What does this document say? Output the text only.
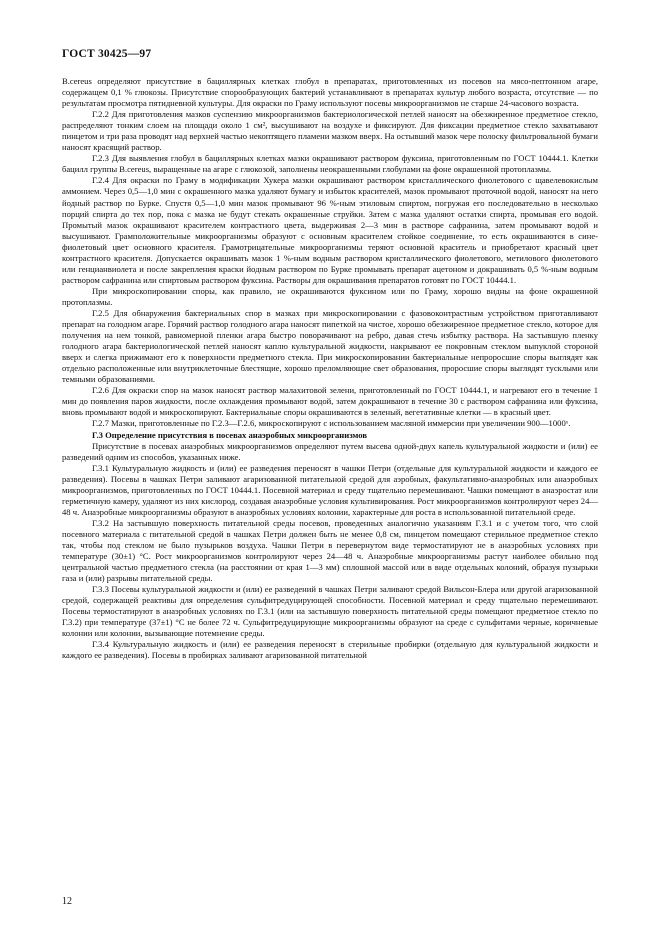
ГОСТ 30425—97

B.cereus определяют присутствие в бациллярных клетках глобул в препаратах, приготовленных из посевов на мясо-пептонном агаре, содержащем 0,1 % глюкозы. Присутствие спорообразующих бактерий устанавливают в препаратах культур любого возраста, отсутствие — по результатам просмотра пятидневной культуры. Для окраски по Граму используют посевы микроорганизмов не старше 24-часового возраста.

Г.2.2 Для приготовления мазков суспензию микроорганизмов бактериологической петлей наносят на обезжиренное предметное стекло, распределяют тонким слоем на площади около 1 см², высушивают на воздухе и фиксируют. Для фиксации предметное стекло захватывают пинцетом и три раза проводят над верхней частью некоптящего пламени мазком вверх. На остывший мазок чере полоску фильтровальной бумаги наносят красящий раствор.

Г.2.3 Для выявления глобул в бациллярных клетках мазки окрашивают раствором фуксина, приготовленным по ГОСТ 10444.1. Клетки бацилл группы B.cereus, выращенные на агаре с глюкозой, заполнены неокрашенными глобулами на фоне окрашенной протоплазмы.

Г.2.4 Для окраски по Граму в модификации Хукера мазки окрашивают раствором кристаллического фиолетового с щавелевокислым аммонием. Через 0,5—1,0 мин с окрашенного мазка удаляют бумагу и избыток красителей, мазок промывают проточной водой, наносят на него йодный раствор по Бурке. Спустя 0,5—1,0 мин мазок промывают 96 %-ным этиловым спиртом, погружая его последовательно в несколько порций спирта до тех пор, пока с мазка не будут стекать окрашенные струйки. Затем с мазка удаляют остатки спирта, промывая его водой. Промытый мазок окрашивают красителем контрастного цвета, выдерживая 2—3 мин в растворе сафранина, затем промывают водой и высушивают. Грамположительные микроорганизмы образуют с основным красителем стойкое соединение, то есть окрашиваются в сине-фиолетовый цвет основного красителя. Грамотрицательные микроорганизмы теряют основной краситель и приобретают красный цвет контрастного красителя. Допускается окрашивать мазок 1 %-ным водным раствором кристаллического фиолетового, метилового фиолетового или генцианвиолета и после закрепления краски йодным раствором по Бурке промывать препарат ацетоном и докрашивать 0,5 %-ным водным раствором сафранина или спиртовым раствором фуксина. Растворы для окрашивания препаратов готовят по ГОСТ 10444.1.

При микроскопировании споры, как правило, не окрашиваются фуксином или по Граму, хорошо видны на фоне окрашенной протоплазмы.

Г.2.5 Для обнаружения бактериальных спор в мазках при микроскопировании с фазовоконтрастным устройством приготавливают препарат на голодном агаре. Горячий раствор голодного агара наносят пипеткой на чистое, хорошо обезжиренное предметное стекло, которое для получения на нем тонкой, равномерной пленки агара быстро поворачивают на ребро, давая стечь избытку раствора. На застывшую пленку голодного агара бактериологической петлей наносят каплю культуральной жидкости, накрывают ее покровным стеклом выпуклой стороной вверх и слегка прижимают его к поверхности предметного стекла. При микроскопировании бактериальные непроросшие споры выглядят как отдельно расположенные или внутриклеточные блестящие, хорошо преломляющие свет образования, проросшие споры выглядят тусклыми или темными образованиями.

Г.2.6 Для окраски спор на мазок наносят раствор малахитовой зелени, приготовленный по ГОСТ 10444.1, и нагревают его в течение 1 мин до появления паров жидкости, после охлаждения промывают водой, затем докрашивают в течение 30 с раствором сафранина или фуксина, вновь промывают водой и микроскопируют. Бактериальные споры окрашиваются в зеленый, вегетативные клетки — в красный цвет.

Г.2.7 Мазки, приготовленные по Г.2.3—Г.2.6, микроскопируют с использованием масляной иммерсии при увеличении 900—1000ˣ.

Г.3 Определение присутствия в посевах анаэробных микроорганизмов

Присутствие в посевах анаэробных микроорганизмов определяют путем высева одной-двух капель культуральной жидкости и (или) ее разведений одним из способов, указанных ниже.

Г.3.1 Культуральную жидкость и (или) ее разведения переносят в чашки Петри (отдельные для культуральной жидкости и каждого ее разведения). Посевы в чашках Петри заливают агаризованной питательной средой для аэробных, факультативно-анаэробных или анаэробных микроорганизмов, приготовленных по ГОСТ 10444.1. Посевной материал и среду тщательно перемешивают. Чашки помещают в анаэростат или герметичную камеру, удаляют из них кислород, создавая анаэробные условия культивирования. Рост микроорганизмов контролируют через 24—48 ч. Анаэробные микроорганизмы образуют в анаэробных условиях колонии, характерные для роста в использованной питательной среде.

Г.3.2 На застывшую поверхность питательной среды посевов, проведенных аналогично указаниям Г.3.1 и с учетом того, что слой посевного материала с питательной средой в чашках Петри должен быть не менее 0,8 см, пинцетом помещают стерильное предметное стекло так, чтобы под стеклом не было пузырьков воздуха. Чашки Петри в перевернутом виде термостатируют не в анаэробных условиях при температуре (30±1) °С. Рост микроорганизмов контролируют через 24—48 ч. Анаэробные микроорганизмы растут наиболее обильно под центральной частью предметного стекла (на расстоянии от края 1—3 мм) сплошной массой или в виде отдельных колоний, образуя пузырьки газа и (или) разрывы питательной среды.

Г.3.3 Посевы культуральной жидкости и (или) ее разведений в чашках Петри заливают средой Вильсон-Блера или другой агаризованной средой, содержащей реактивы для определения сульфитредуцирующей способности. Посевной материал и среду тщательно перемешивают. Посевы термостатируют в анаэробных условиях по Г.3.1 (или на застывшую поверхность питательной среды помещают предметное стекло по Г.3.2) при температуре (37±1) °С не более 72 ч. Сульфитредуцирующие микроорганизмы образуют на среде с сульфитами черные, коричневые колонии или колонии, вызывающие потемнение среды.

Г.3.4 Культуральную жидкость и (или) ее разведения переносят в стерильные пробирки (отдельную для культуральной жидкости и каждого ее разведения). Посевы в пробирках заливают агаризованной питательной

12
